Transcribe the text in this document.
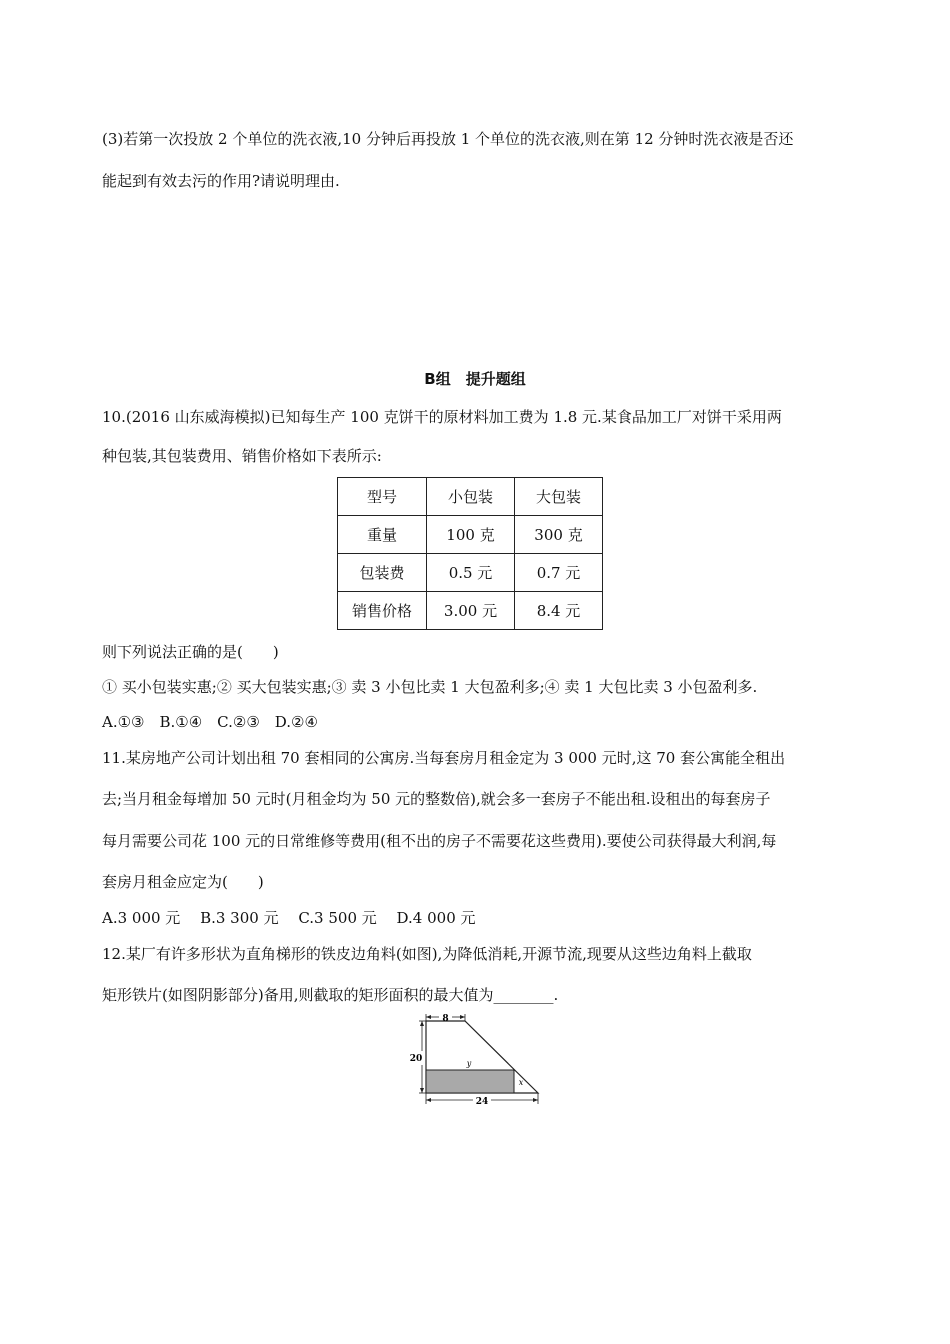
(3)若第一次投放 2 个单位的洗衣液,10 分钟后再投放 1 个单位的洗衣液,则在第 12 分钟时洗衣液是否还
能起到有效去污的作用?请说明理由.
B组　提升题组
10.(2016 山东威海模拟)已知每生产 100 克饼干的原材料加工费为 1.8 元.某食品加工厂对饼干采用两
种包装,其包装费用、销售价格如下表所示:
型号	小包装	大包装
重量	100 克	300 克
包装费	0.5 元	0.7 元
销售价格	3.00 元	8.4 元
则下列说法正确的是(　　)
① 买小包装实惠;② 买大包装实惠;③ 卖 3 小包比卖 1 大包盈利多;④ 卖 1 大包比卖 3 小包盈利多.
A.①③　B.①④　C.②③　D.②④
11.某房地产公司计划出租 70 套相同的公寓房.当每套房月租金定为 3 000 元时,这 70 套公寓能全租出
去;当月租金每增加 50 元时(月租金均为 50 元的整数倍),就会多一套房子不能出租.设租出的每套房子
每月需要公司花 100 元的日常维修等费用(租不出的房子不需要花这些费用).要使公司获得最大利润,每
套房月租金应定为(　　)
A.3 000 元　 B.3 300 元　 C.3 500 元　 D.4 000 元
12.某厂有许多形状为直角梯形的铁皮边角料(如图),为降低消耗,开源节流,现要从这些边角料上截取
矩形铁片(如图阴影部分)备用,则截取的矩形面积的最大值为________.
8
20
24
y
x
